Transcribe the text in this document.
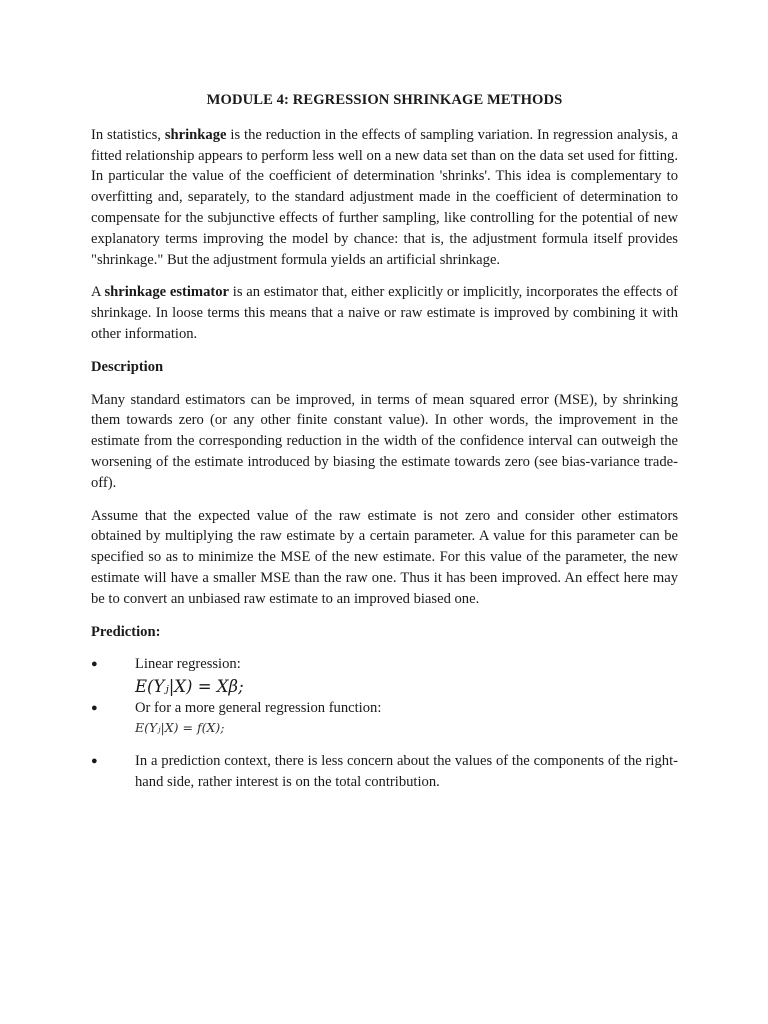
MODULE 4: REGRESSION SHRINKAGE METHODS

In statistics, shrinkage is the reduction in the effects of sampling variation. In regression analysis, a fitted relationship appears to perform less well on a new data set than on the data set used for fitting. In particular the value of the coefficient of determination 'shrinks'. This idea is complementary to overfitting and, separately, to the standard adjustment made in the coefficient of determination to compensate for the subjunctive effects of further sampling, like controlling for the potential of new explanatory terms improving the model by chance: that is, the adjustment formula itself provides "shrinkage." But the adjustment formula yields an artificial shrinkage.

A shrinkage estimator is an estimator that, either explicitly or implicitly, incorporates the effects of shrinkage. In loose terms this means that a naive or raw estimate is improved by combining it with other information.

Description

Many standard estimators can be improved, in terms of mean squared error (MSE), by shrinking them towards zero (or any other finite constant value). In other words, the improvement in the estimate from the corresponding reduction in the width of the confidence interval can outweigh the worsening of the estimate introduced by biasing the estimate towards zero (see bias-variance trade-off).

Assume that the expected value of the raw estimate is not zero and consider other estimators obtained by multiplying the raw estimate by a certain parameter. A value for this parameter can be specified so as to minimize the MSE of the new estimate. For this value of the parameter, the new estimate will have a smaller MSE than the raw one. Thus it has been improved. An effect here may be to convert an unbiased raw estimate to an improved biased one.

Prediction:
●	Linear regression:
E(Yⱼ|X) = Xβ;
●	Or for a more general regression function:
E(Yⱼ|X) = f(X);
●	In a prediction context, there is less concern about the values of the components of the right-hand side, rather interest is on the total contribution.
